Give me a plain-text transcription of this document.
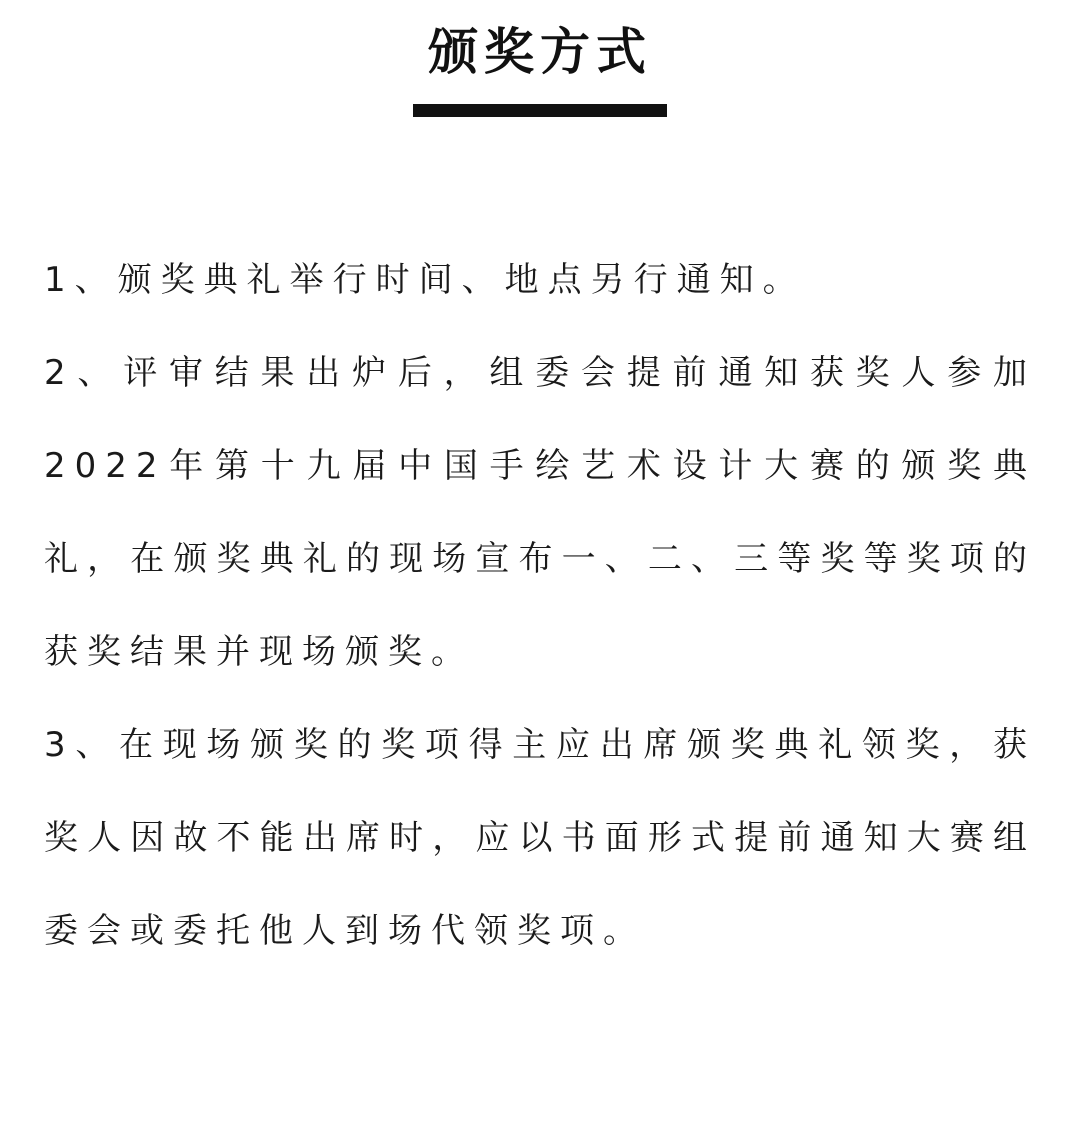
颁奖方式

1、颁奖典礼举行时间、地点另行通知。

2、评审结果出炉后，组委会提前通知获奖人参加2022年第十九届中国手绘艺术设计大赛的颁奖典礼，在颁奖典礼的现场宣布一、二、三等奖等奖项的获奖结果并现场颁奖。

3、在现场颁奖的奖项得主应出席颁奖典礼领奖，获奖人因故不能出席时，应以书面形式提前通知大赛组委会或委托他人到场代领奖项。
